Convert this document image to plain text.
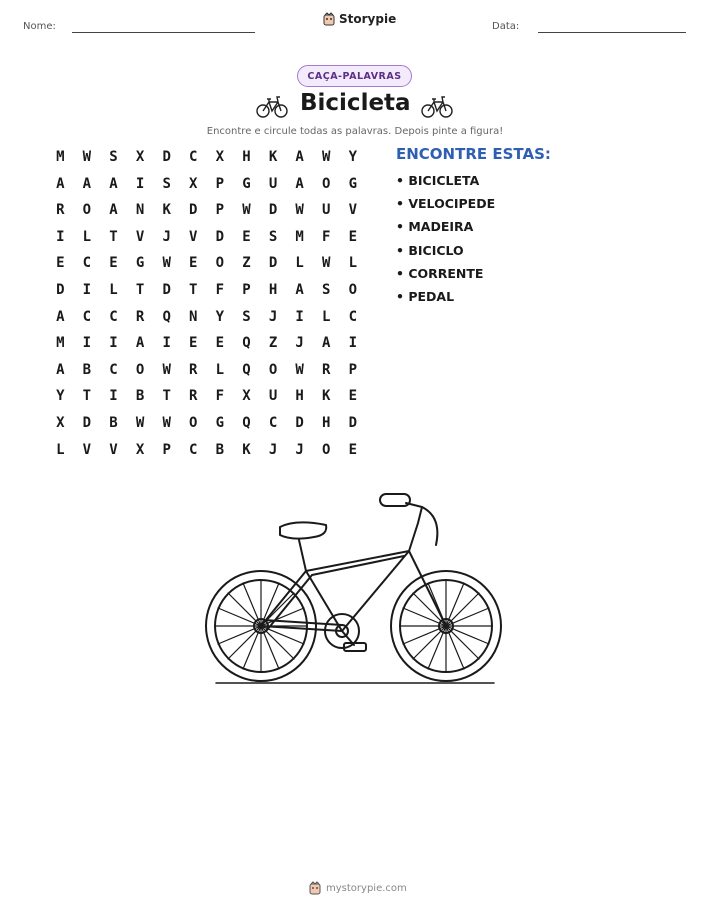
Nome:
Storypie
Data:
CAÇA-PALAVRAS
Bicicleta
Encontre e circule todas as palavras. Depois pinte a figura!
M	W	S	X	D	C	X	H	K	A	W	Y
A	A	A	I	S	X	P	G	U	A	O	G
R	O	A	N	K	D	P	W	D	W	U	V
I	L	T	V	J	V	D	E	S	M	F	E
E	C	E	G	W	E	O	Z	D	L	W	L
D	I	L	T	D	T	F	P	H	A	S	O
A	C	C	R	Q	N	Y	S	J	I	L	C
M	I	I	A	I	E	E	Q	Z	J	A	I
A	B	C	O	W	R	L	Q	O	W	R	P
Y	T	I	B	T	R	F	X	U	H	K	E
X	D	B	W	W	O	G	Q	C	D	H	D
L	V	V	X	P	C	B	K	J	J	O	E
ENCONTRE ESTAS:
• BICICLETA
• VELOCIPEDE
• MADEIRA
• BICICLO
• CORRENTE
• PEDAL
mystorypie.com
